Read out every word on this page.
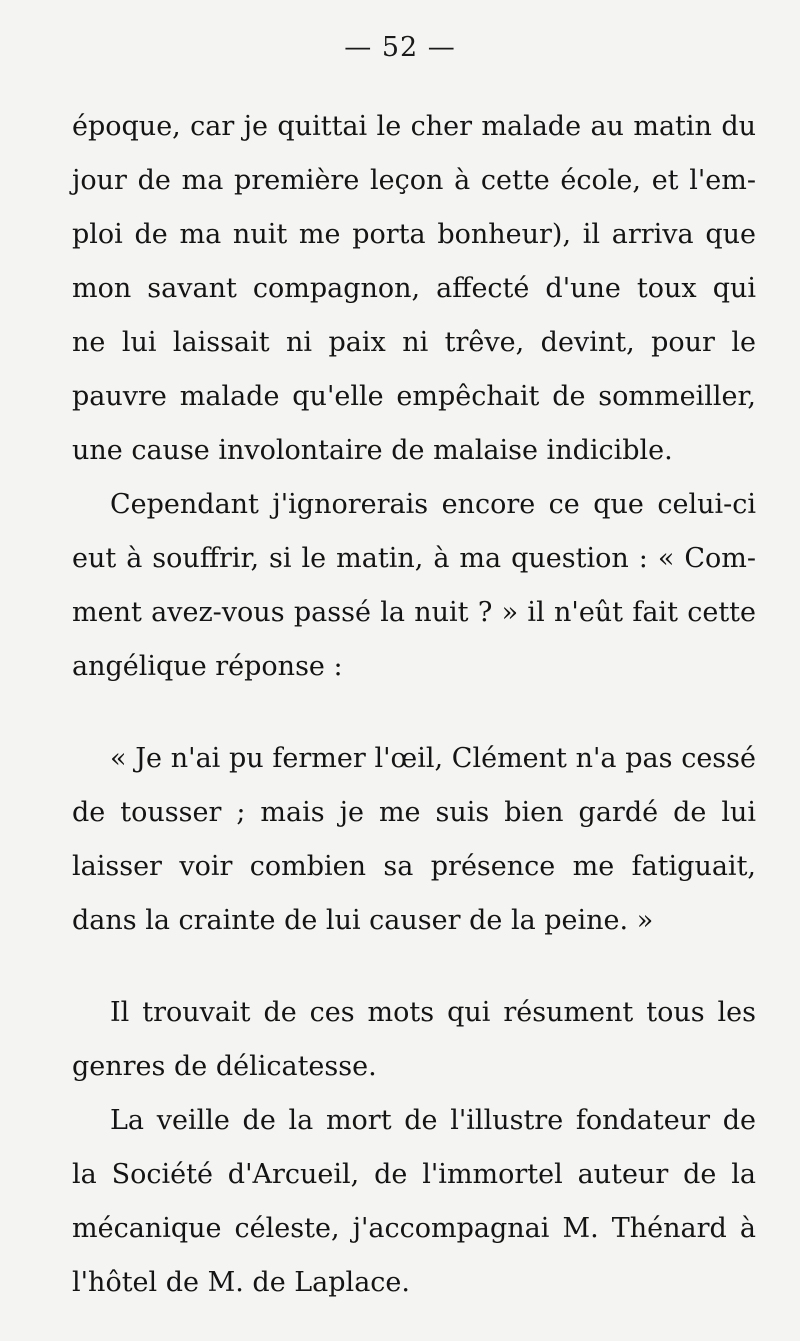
— 52 —
époque, car je quittai le cher malade au matin du
jour de ma première leçon à cette école, et l'em-
ploi de ma nuit me porta bonheur), il arriva que
mon savant compagnon, affecté d'une toux qui
ne lui laissait ni paix ni trêve, devint, pour le
pauvre malade qu'elle empêchait de sommeiller,
une cause involontaire de malaise indicible.
Cependant j'ignorerais encore ce que celui-ci
eut à souffrir, si le matin, à ma question : « Com-
ment avez-vous passé la nuit ? » il n'eût fait cette
angélique réponse :
« Je n'ai pu fermer l'œil, Clément n'a pas cessé
de tousser ; mais je me suis bien gardé de lui
laisser voir combien sa présence me fatiguait,
dans la crainte de lui causer de la peine. »
Il trouvait de ces mots qui résument tous les
genres de délicatesse.
La veille de la mort de l'illustre fondateur de
la Société d'Arcueil, de l'immortel auteur de la
mécanique céleste, j'accompagnai M. Thénard à
l'hôtel de M. de Laplace.
